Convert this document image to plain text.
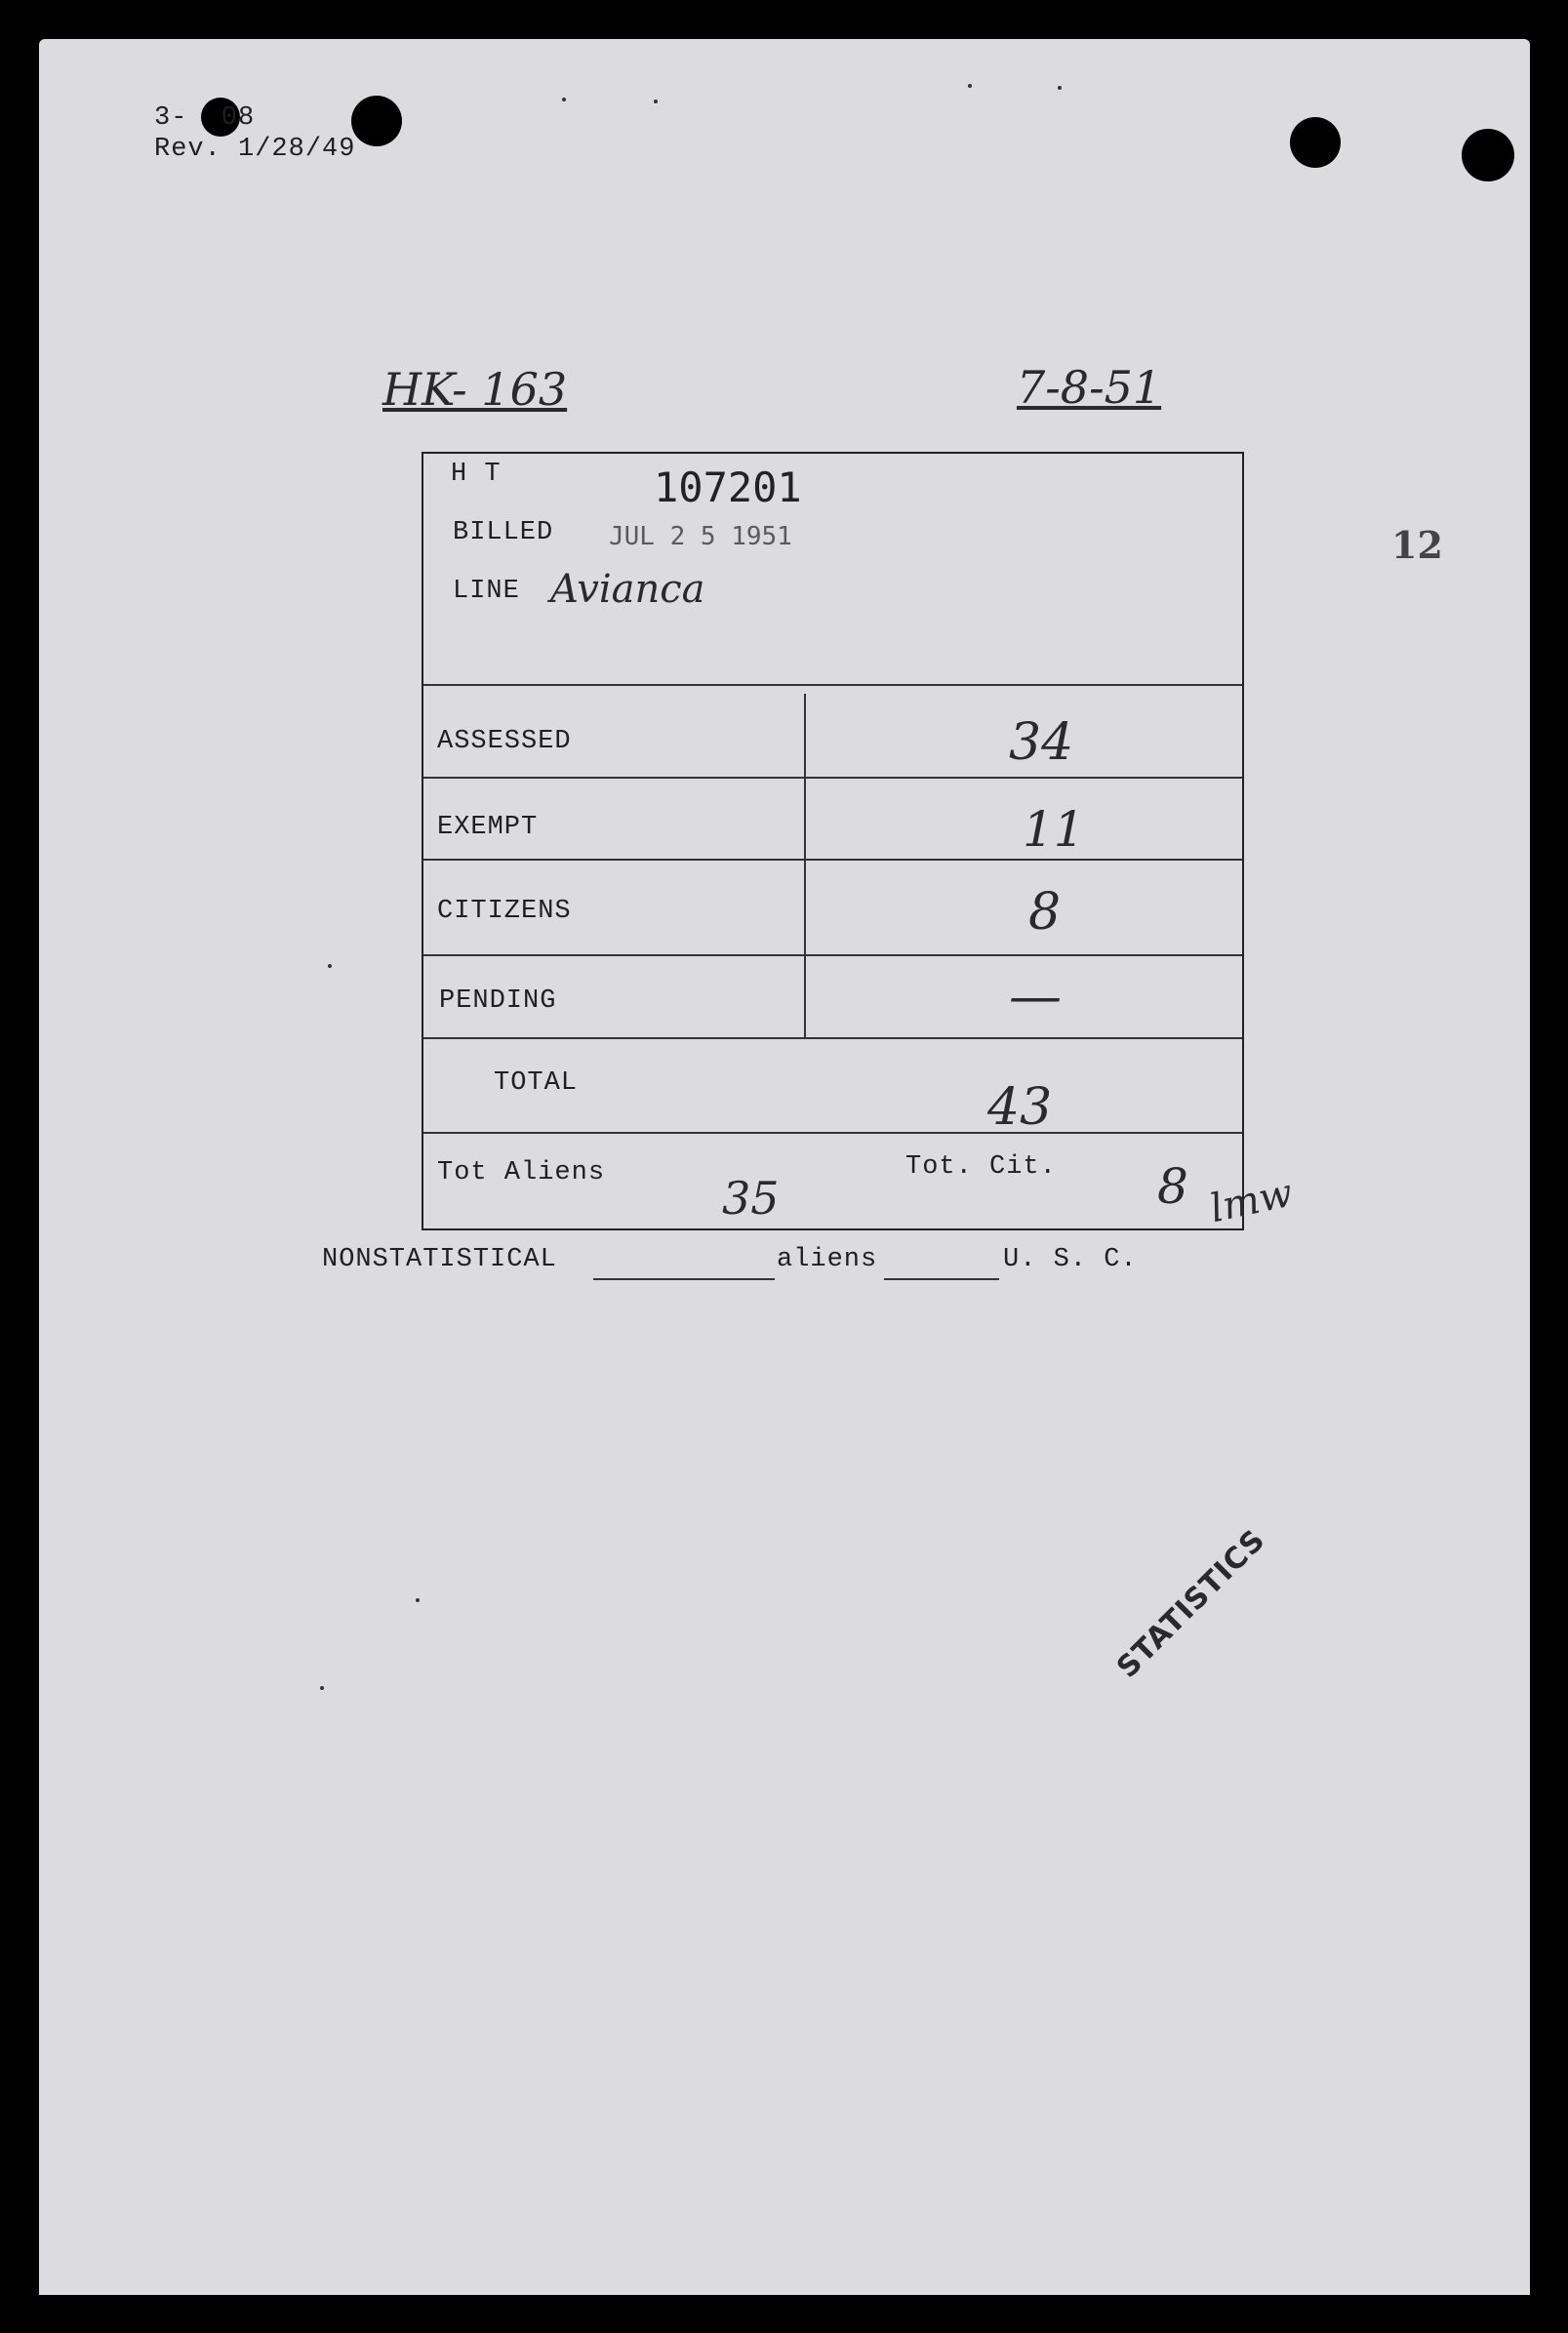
3-  08
Rev. 1/28/49
12
HK- 163	7-8-51
H T	107201
BILLED JUL 2 5 1951
LINE Avianca
ASSESSED	34
EXEMPT	11
CITIZENS	8
PENDING	—
TOTAL	43
Tot Aliens	35
Tot. Cit. 8 lmw
NONSTATISTICAL	aliens	U. S. C.
STATISTICS
